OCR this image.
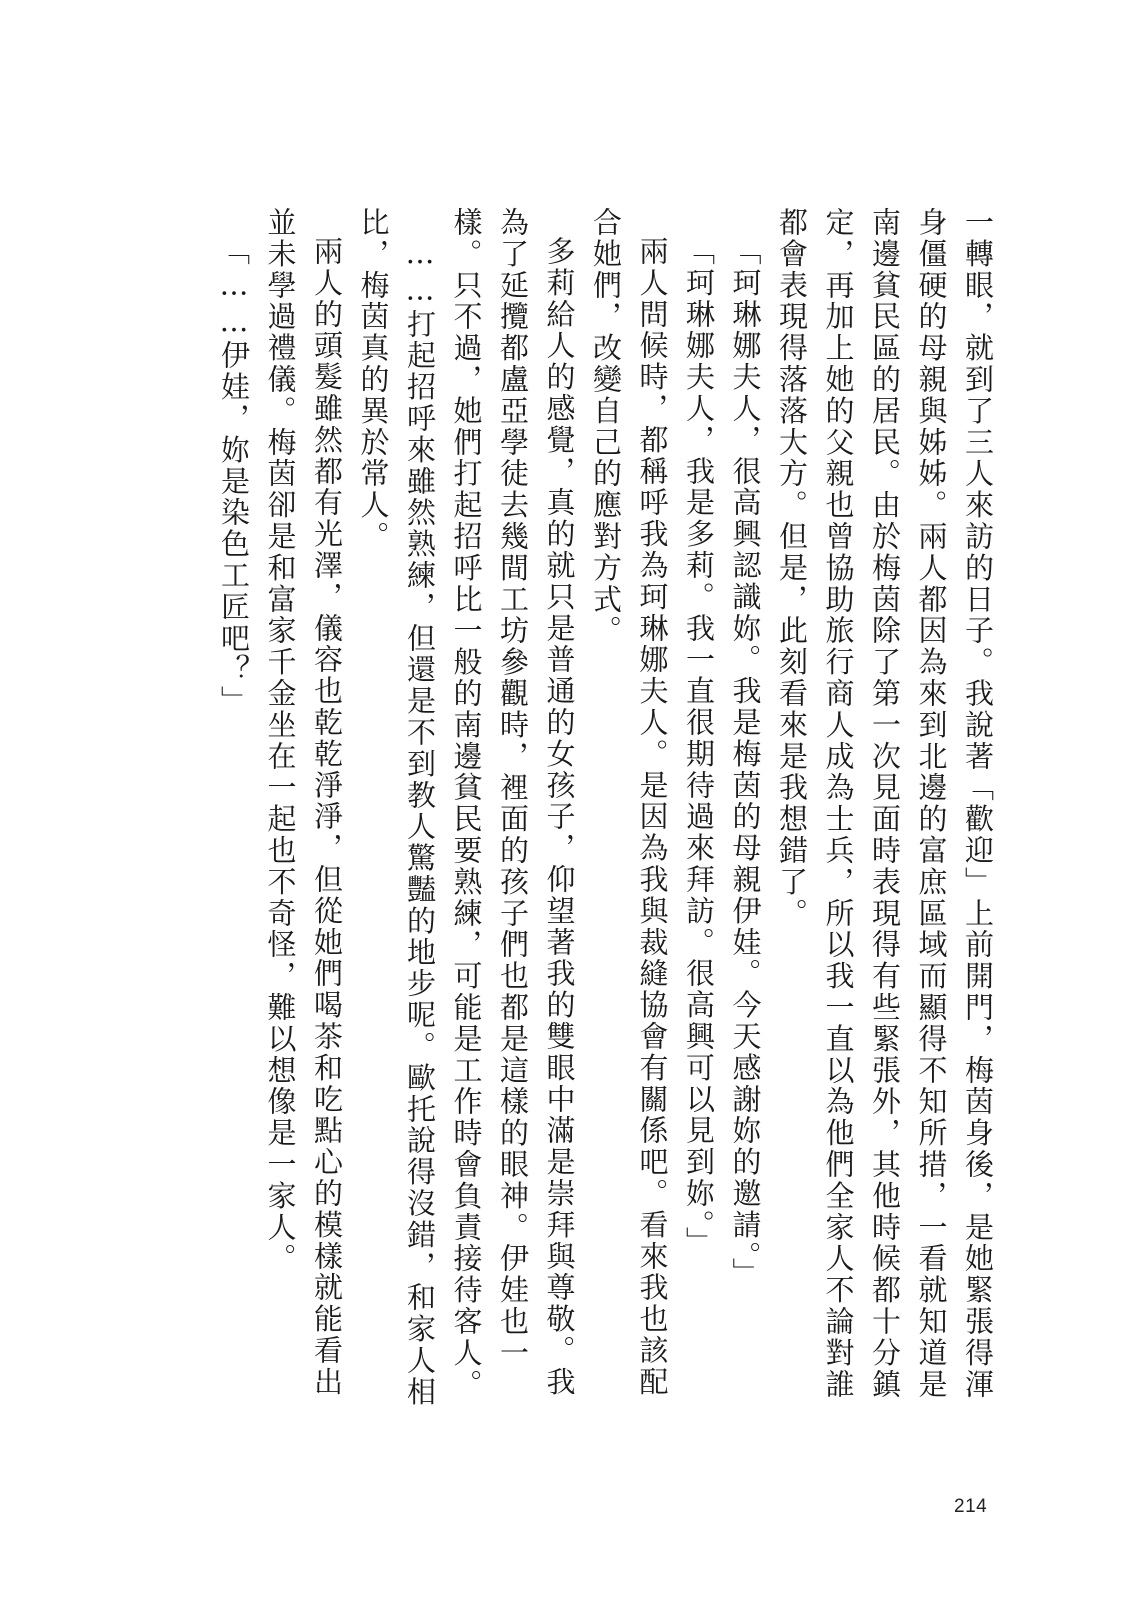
一轉眼，就到了三人來訪的日子。我說著「歡迎」上前開門，梅茵身後，是她緊張得渾身僵硬的母親與姊姊。兩人都因為來到北邊的富庶區域而顯得不知所措，一看就知道是南邊貧民區的居民。由於梅茵除了第一次見面時表現得有些緊張外，其他時候都十分鎮定，再加上她的父親也曾協助旅行商人成為士兵，所以我一直以為他們全家人不論對誰都會表現得落落大方。但是，此刻看來是我想錯了。

「珂琳娜夫人，很高興認識妳。我是梅茵的母親伊娃。今天感謝妳的邀請。」

「珂琳娜夫人，我是多莉。我一直很期待過來拜訪。很高興可以見到妳。」

兩人問候時，都稱呼我為珂琳娜夫人。是因為我與裁縫協會有關係吧。看來我也該配合她們，改變自己的應對方式。

多莉給人的感覺，真的就只是普通的女孩子，仰望著我的雙眼中滿是崇拜與尊敬。我為了延攬都盧亞學徒去幾間工坊參觀時，裡面的孩子們也都是這樣的眼神。伊娃也一樣。只不過，她們打起招呼比一般的南邊貧民要熟練，可能是工作時會負責接待客人。

……打起招呼來雖然熟練，但還是不到教人驚豔的地步呢。歐托說得沒錯，和家人相比，梅茵真的異於常人。

兩人的頭髮雖然都有光澤，儀容也乾乾淨淨，但從她們喝茶和吃點心的模樣就能看出並未學過禮儀。梅茵卻是和富家千金坐在一起也不奇怪，難以想像是一家人。

「……伊娃，妳是染色工匠吧？」

214
